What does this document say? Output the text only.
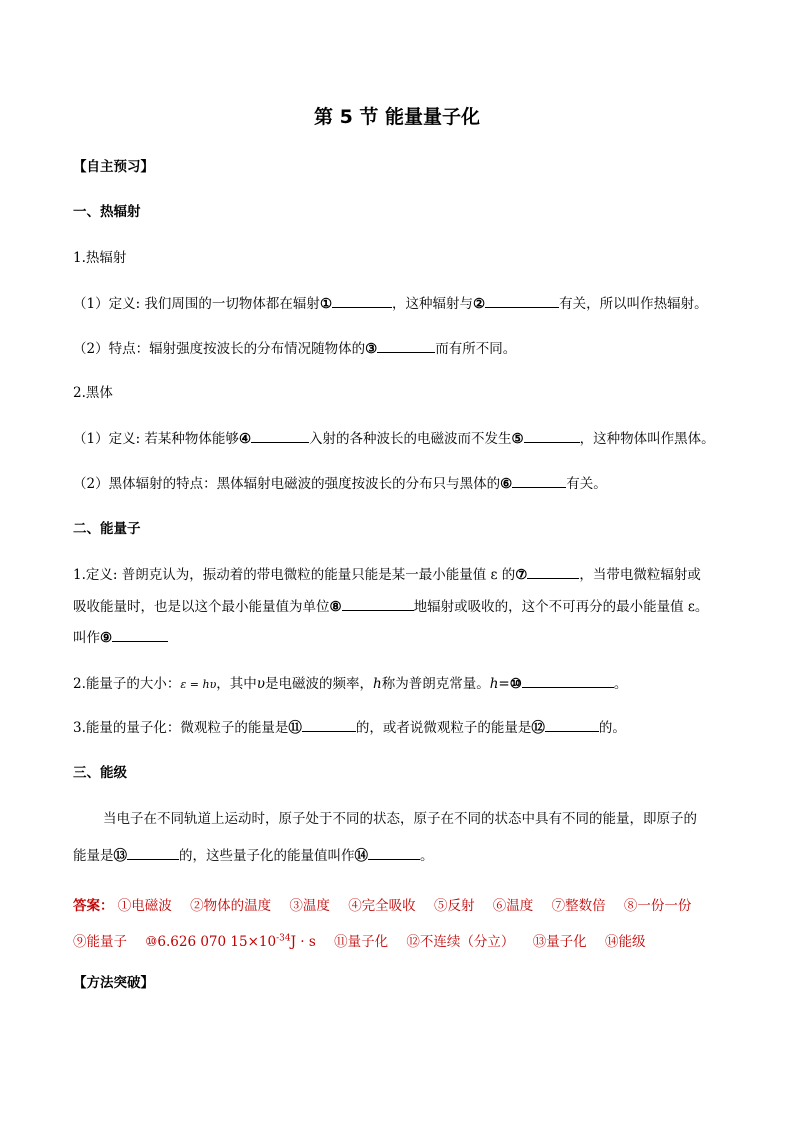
第 5 节 能量量子化
【自主预习】
一、热辐射
1.热辐射
（1）定义: 我们周围的一切物体都在辐射①	，这种辐射与②	有关，所以叫作热辐射。
（2）特点：辐射强度按波长的分布情况随物体的③	而有所不同。
2.黑体
（1）定义: 若某种物体能够④	入射的各种波长的电磁波而不发生⑤	，这种物体叫作黑体。
（2）黑体辐射的特点：黑体辐射电磁波的强度按波长的分布只与黑体的⑥	有关。
二、能量子
1.定义: 普朗克认为，振动着的带电微粒的能量只能是某一最小能量值 ε 的⑦	，当带电微粒辐射或
吸收能量时，也是以这个最小能量值为单位⑧	地辐射或吸收的，这个不可再分的最小能量值 ε。
叫作⑨
2.能量子的大小：ε = hυ，其中υ是电磁波的频率，h称为普朗克常量。h=⑩	。
3.能量的量子化：微观粒子的能量是⑪	的，或者说微观粒子的能量是⑫	的。
三、能级
当电子在不同轨道上运动时，原子处于不同的状态，原子在不同的状态中具有不同的能量，即原子的
能量是⑬	的，这些量子化的能量值叫作⑭	。
答案： ①电磁波 ②物体的温度 ③温度 ④完全吸收 ⑤反射 ⑥温度 ⑦整数倍 ⑧一份一份
⑨能量子 ⑩6.626 070 $15\times 10^{-34}J \cdot s$ ⑪量子化 ⑫不连续（分立） ⑬量子化 ⑭能级
【方法突破】
